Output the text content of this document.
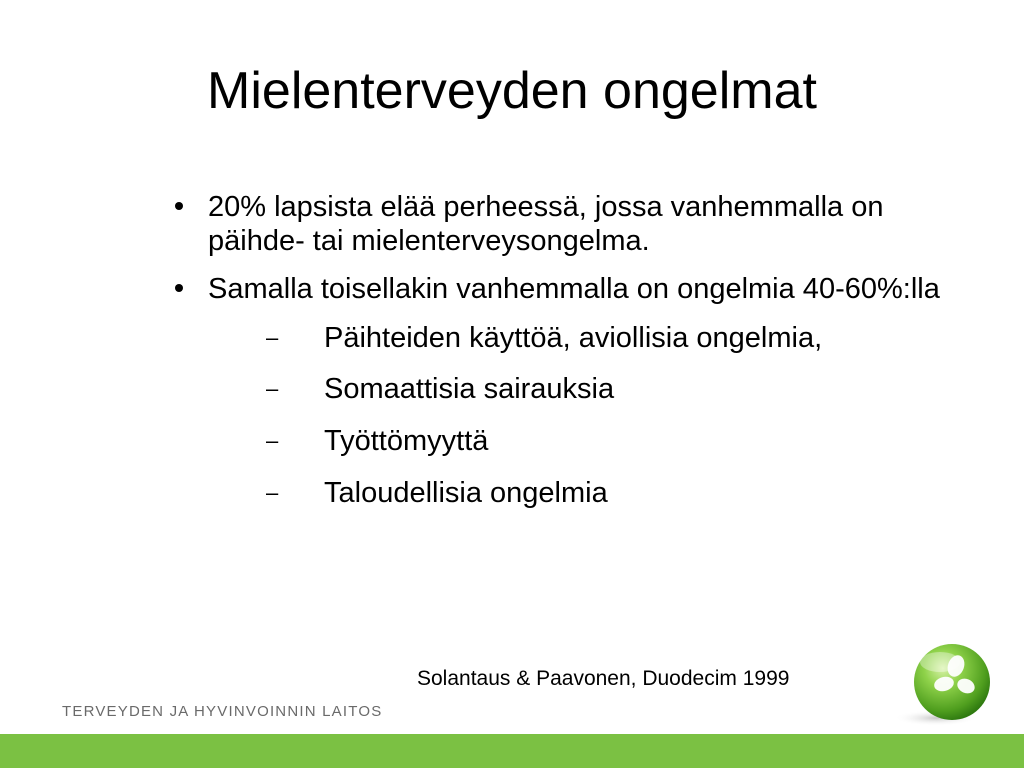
Mielenterveyden ongelmat
20% lapsista elää perheessä, jossa vanhemmalla on päihde- tai mielenterveysongelma.
Samalla toisellakin vanhemmalla on ongelmia 40-60%:lla
– Päihteiden käyttöä, aviollisia ongelmia,
– Somaattisia sairauksia
– Työttömyyttä
– Taloudellisia ongelmia
Solantaus & Paavonen, Duodecim 1999
TERVEYDEN JA HYVINVOINNIN LAITOS
